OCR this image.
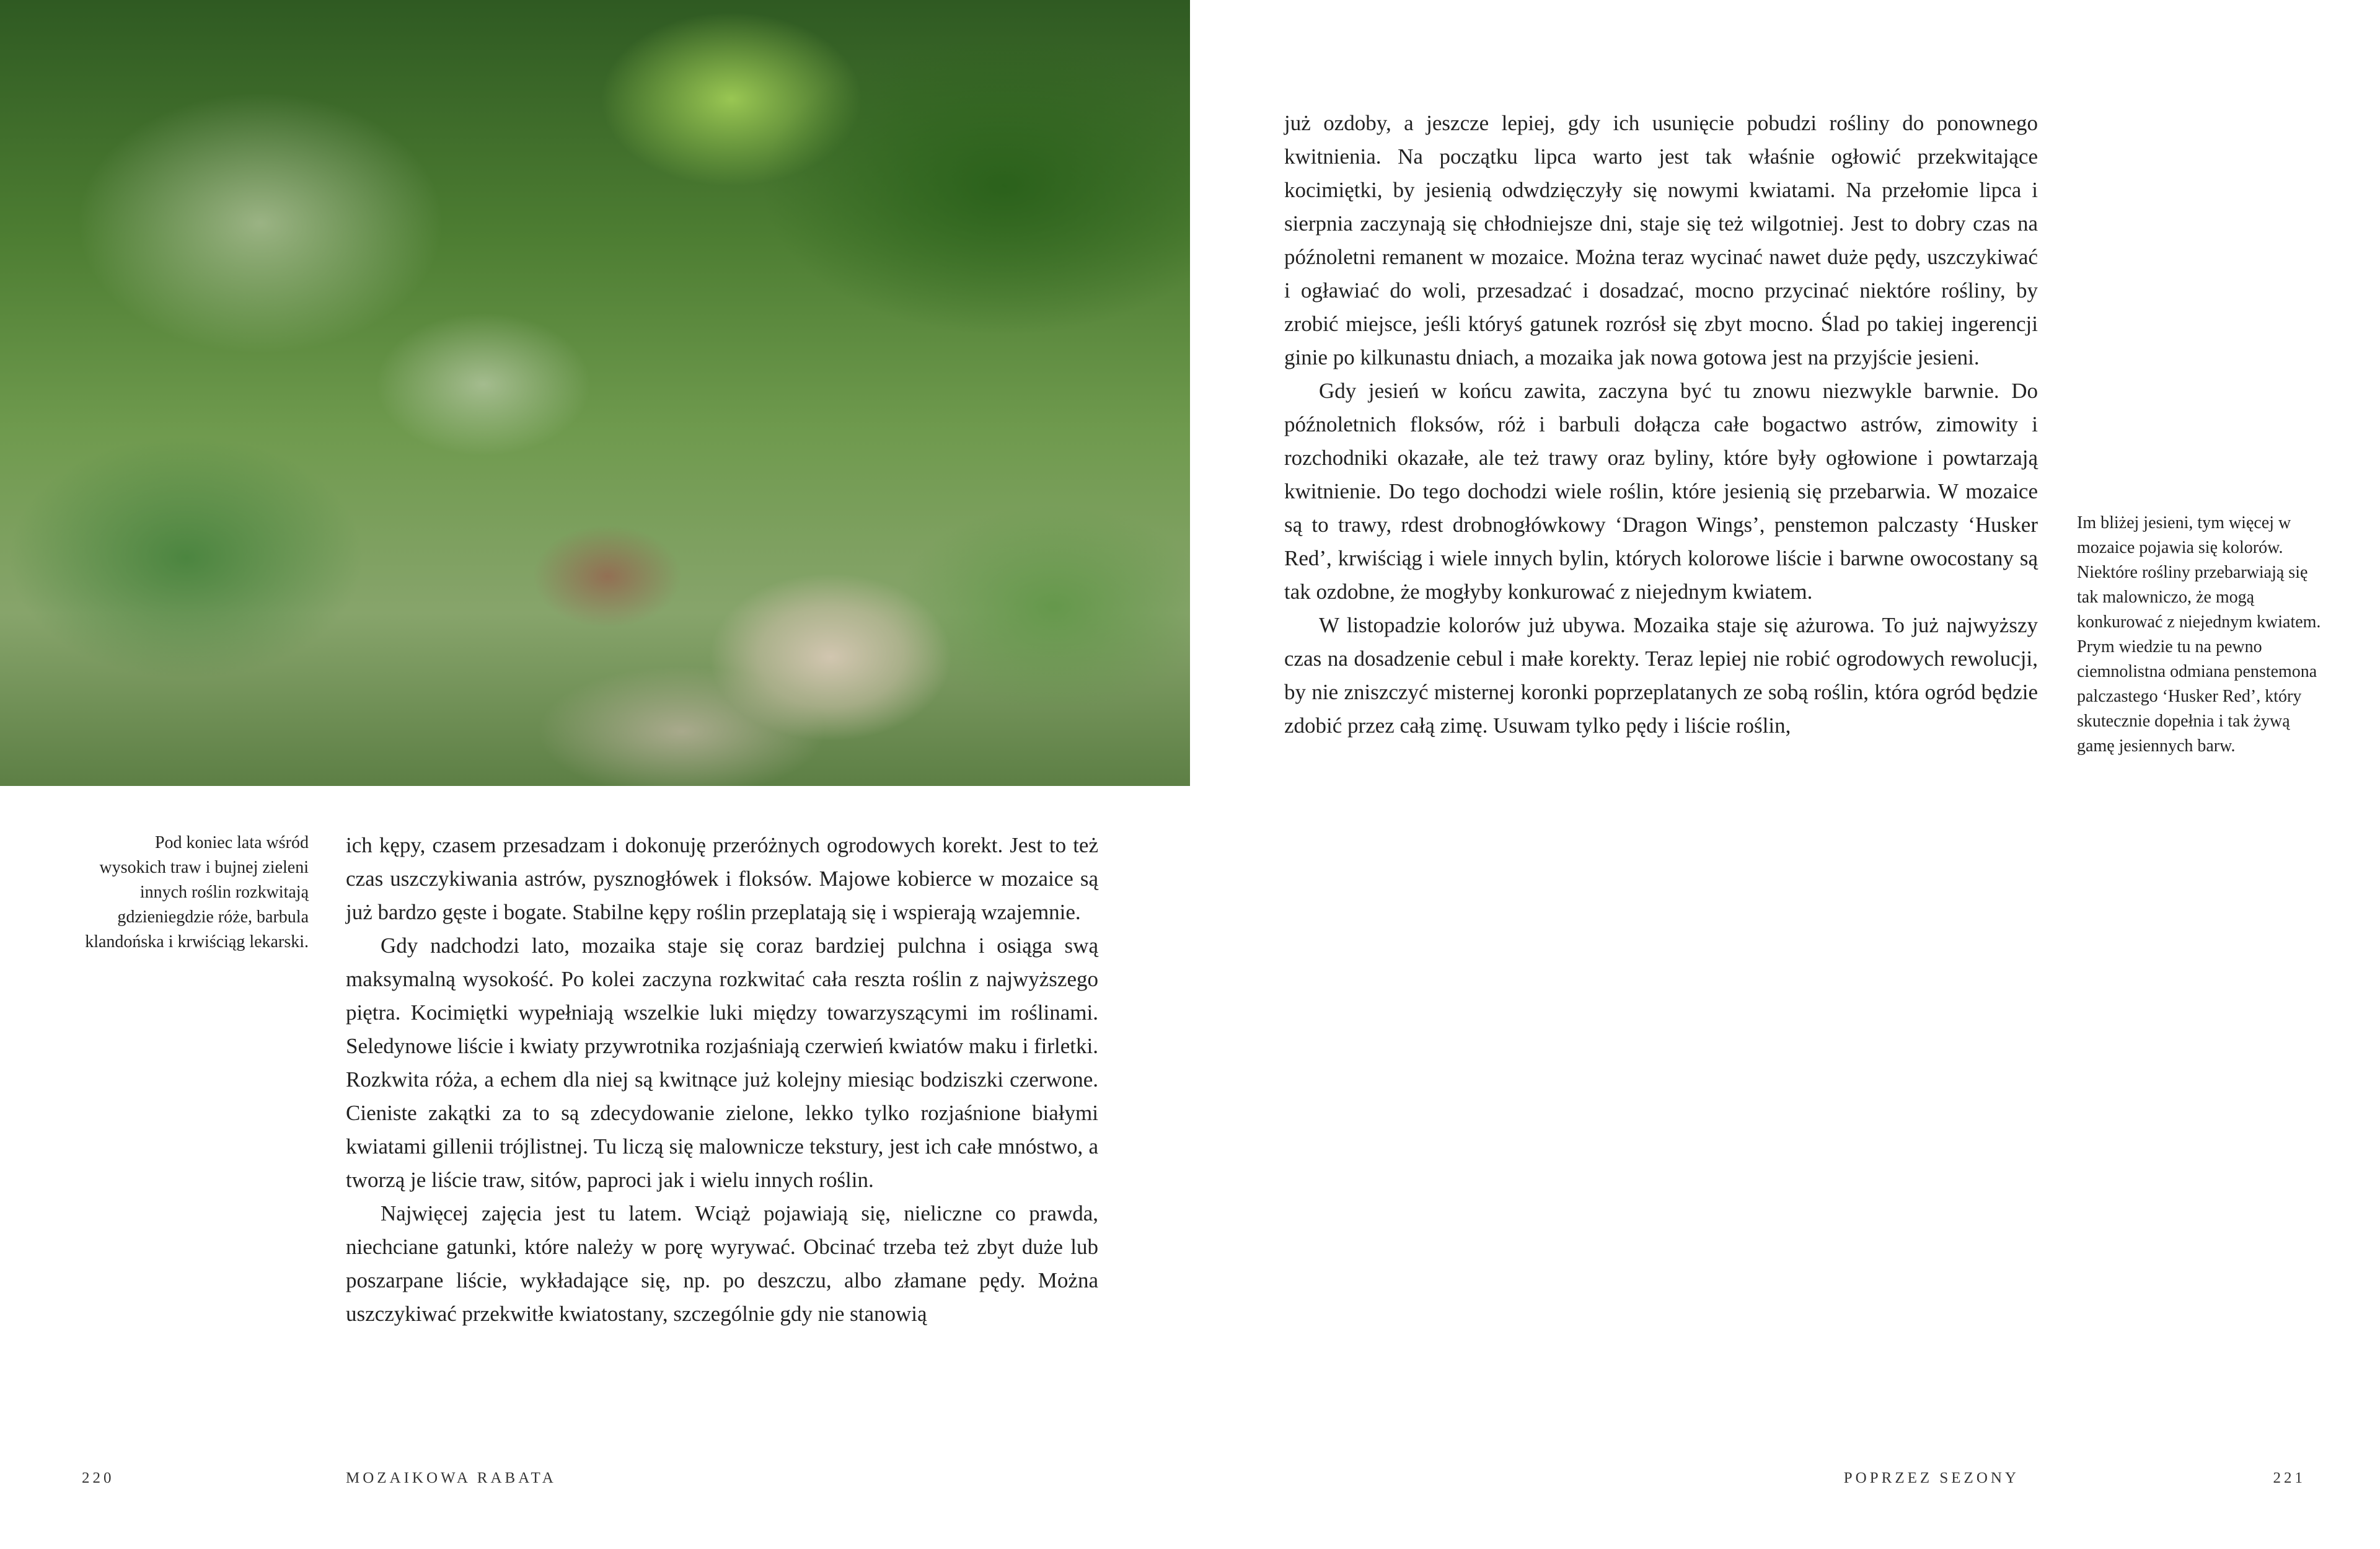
Pod koniec lata wśród wysokich traw i bujnej zieleni innych roślin rozkwitają gdzieniegdzie róże, barbula klandońska i krwiściąg lekarski.

ich kępy, czasem przesadzam i dokonuję przeróżnych ogrodowych korekt. Jest to też czas uszczykiwania astrów, pysznogłówek i floksów. Majowe kobierce w mozaice są już bardzo gęste i bogate. Stabilne kępy roślin przeplatają się i wspierają wzajemnie.

Gdy nadchodzi lato, mozaika staje się coraz bardziej pulchna i osiąga swą maksymalną wysokość. Po kolei zaczyna rozkwitać cała reszta roślin z najwyższego piętra. Kocimiętki wypełniają wszelkie luki między towarzyszącymi im roślinami. Seledynowe liście i kwiaty przywrotnika rozjaśniają czerwień kwiatów maku i firletki. Rozkwita róża, a echem dla niej są kwitnące już kolejny miesiąc bodziszki czerwone. Cieniste zakątki za to są zdecydowanie zielone, lekko tylko rozjaśnione białymi kwiatami gillenii trójlistnej. Tu liczą się malownicze tekstury, jest ich całe mnóstwo, a tworzą je liście traw, sitów, paproci jak i wielu innych roślin.

Najwięcej zajęcia jest tu latem. Wciąż pojawiają się, nieliczne co prawda, niechciane gatunki, które należy w porę wyrywać. Obcinać trzeba też zbyt duże lub poszarpane liście, wykładające się, np. po deszczu, albo złamane pędy. Można uszczykiwać przekwitłe kwiatostany, szczególnie gdy nie stanowią

220	MOZAIKOWA RABATA

już ozdoby, a jeszcze lepiej, gdy ich usunięcie pobudzi rośliny do ponownego kwitnienia. Na początku lipca warto jest tak właśnie ogłowić przekwitające kocimiętki, by jesienią odwdzięczyły się nowymi kwiatami. Na przełomie lipca i sierpnia zaczynają się chłodniejsze dni, staje się też wilgotniej. Jest to dobry czas na późnoletni remanent w mozaice. Można teraz wycinać nawet duże pędy, uszczykiwać i ogławiać do woli, przesadzać i dosadzać, mocno przycinać niektóre rośliny, by zrobić miejsce, jeśli któryś gatunek rozrósł się zbyt mocno. Ślad po takiej ingerencji ginie po kilkunastu dniach, a mozaika jak nowa gotowa jest na przyjście jesieni.

Gdy jesień w końcu zawita, zaczyna być tu znowu niezwykle barwnie. Do późnoletnich floksów, róż i barbuli dołącza całe bogactwo astrów, zimowity i rozchodniki okazałe, ale też trawy oraz byliny, które były ogłowione i powtarzają kwitnienie. Do tego dochodzi wiele roślin, które jesienią się przebarwia. W mozaice są to trawy, rdest drobnogłówkowy ‘Dragon Wings’, penstemon palczasty ‘Husker Red’, krwiściąg i wiele innych bylin, których kolorowe liście i barwne owocostany są tak ozdobne, że mogłyby konkurować z niejednym kwiatem.

W listopadzie kolorów już ubywa. Mozaika staje się ażurowa. To już najwyższy czas na dosadzenie cebul i małe korekty. Teraz lepiej nie robić ogrodowych rewolucji, by nie zniszczyć misternej koronki poprzeplatanych ze sobą roślin, która ogród będzie zdobić przez całą zimę. Usuwam tylko pędy i liście roślin,

Im bliżej jesieni, tym więcej w mozaice pojawia się kolorów. Niektóre rośliny przebarwiają się tak malowniczo, że mogą konkurować z niejednym kwiatem. Prym wiedzie tu na pewno ciemnolistna odmiana penstemona palczastego ‘Husker Red’, który skutecznie dopełnia i tak żywą gamę jesiennych barw.

POPRZEZ SEZONY	221
